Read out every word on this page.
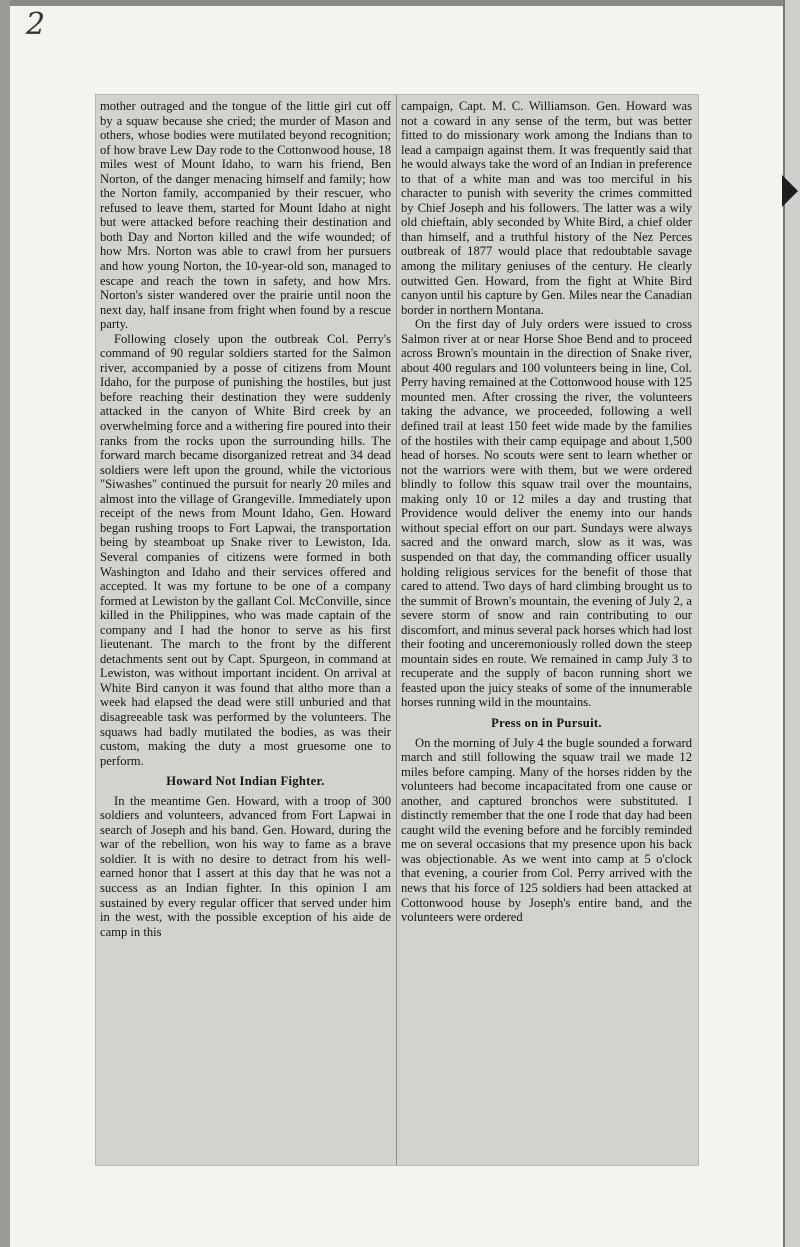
2

mother outraged and the tongue of the little girl cut off by a squaw because she cried; the murder of Mason and others, whose bodies were mutilated beyond recognition; of how brave Lew Day rode to the Cottonwood house, 18 miles west of Mount Idaho, to warn his friend, Ben Norton, of the danger menacing himself and family; how the Norton family, accompanied by their rescuer, who refused to leave them, started for Mount Idaho at night but were attacked before reaching their destination and both Day and Norton killed and the wife wounded; of how Mrs. Norton was able to crawl from her pursuers and how young Norton, the 10-year-old son, managed to escape and reach the town in safety, and how Mrs. Norton's sister wandered over the prairie until noon the next day, half insane from fright when found by a rescue party.

Following closely upon the outbreak Col. Perry's command of 90 regular soldiers started for the Salmon river, accompanied by a posse of citizens from Mount Idaho, for the purpose of punishing the hostiles, but just before reaching their destination they were suddenly attacked in the canyon of White Bird creek by an overwhelming force and a withering fire poured into their ranks from the rocks upon the surrounding hills. The forward march became disorganized retreat and 34 dead soldiers were left upon the ground, while the victorious "Siwashes" continued the pursuit for nearly 20 miles and almost into the village of Grangeville. Immediately upon receipt of the news from Mount Idaho, Gen. Howard began rushing troops to Fort Lapwai, the transportation being by steamboat up Snake river to Lewiston, Ida. Several companies of citizens were formed in both Washington and Idaho and their services offered and accepted. It was my fortune to be one of a company formed at Lewiston by the gallant Col. McConville, since killed in the Philippines, who was made captain of the company and I had the honor to serve as his first lieutenant. The march to the front by the different detachments sent out by Capt. Spurgeon, in command at Lewiston, was without important incident. On arrival at White Bird canyon it was found that altho more than a week had elapsed the dead were still unburied and that disagreeable task was performed by the volunteers. The squaws had badly mutilated the bodies, as was their custom, making the duty a most gruesome one to perform.

Howard Not Indian Fighter.

In the meantime Gen. Howard, with a troop of 300 soldiers and volunteers, advanced from Fort Lapwai in search of Joseph and his band. Gen. Howard, during the war of the rebellion, won his way to fame as a brave soldier. It is with no desire to detract from his well-earned honor that I assert at this day that he was not a success as an Indian fighter. In this opinion I am sustained by every regular officer that served under him in the west, with the possible exception of his aide de camp in this

campaign, Capt. M. C. Williamson. Gen. Howard was not a coward in any sense of the term, but was better fitted to do missionary work among the Indians than to lead a campaign against them. It was frequently said that he would always take the word of an Indian in preference to that of a white man and was too merciful in his character to punish with severity the crimes committed by Chief Joseph and his followers. The latter was a wily old chieftain, ably seconded by White Bird, a chief older than himself, and a truthful history of the Nez Perces outbreak of 1877 would place that redoubtable savage among the military geniuses of the century. He clearly outwitted Gen. Howard, from the fight at White Bird canyon until his capture by Gen. Miles near the Canadian border in northern Montana.

On the first day of July orders were issued to cross Salmon river at or near Horse Shoe Bend and to proceed across Brown's mountain in the direction of Snake river, about 400 regulars and 100 volunteers being in line, Col. Perry having remained at the Cottonwood house with 125 mounted men. After crossing the river, the volunteers taking the advance, we proceeded, following a well defined trail at least 150 feet wide made by the families of the hostiles with their camp equipage and about 1,500 head of horses. No scouts were sent to learn whether or not the warriors were with them, but we were ordered blindly to follow this squaw trail over the mountains, making only 10 or 12 miles a day and trusting that Providence would deliver the enemy into our hands without special effort on our part. Sundays were always sacred and the onward march, slow as it was, was suspended on that day, the commanding officer usually holding religious services for the benefit of those that cared to attend. Two days of hard climbing brought us to the summit of Brown's mountain, the evening of July 2, a severe storm of snow and rain contributing to our discomfort, and minus several pack horses which had lost their footing and unceremoniously rolled down the steep mountain sides en route. We remained in camp July 3 to recuperate and the supply of bacon running short we feasted upon the juicy steaks of some of the innumerable horses running wild in the mountains.

Press on in Pursuit.

On the morning of July 4 the bugle sounded a forward march and still following the squaw trail we made 12 miles before camping. Many of the horses ridden by the volunteers had become incapacitated from one cause or another, and captured bronchos were substituted. I distinctly remember that the one I rode that day had been caught wild the evening before and he forcibly reminded me on several occasions that my presence upon his back was objectionable. As we went into camp at 5 o'clock that evening, a courier from Col. Perry arrived with the news that his force of 125 soldiers had been attacked at Cottonwood house by Joseph's entire band, and the volunteers were ordered
